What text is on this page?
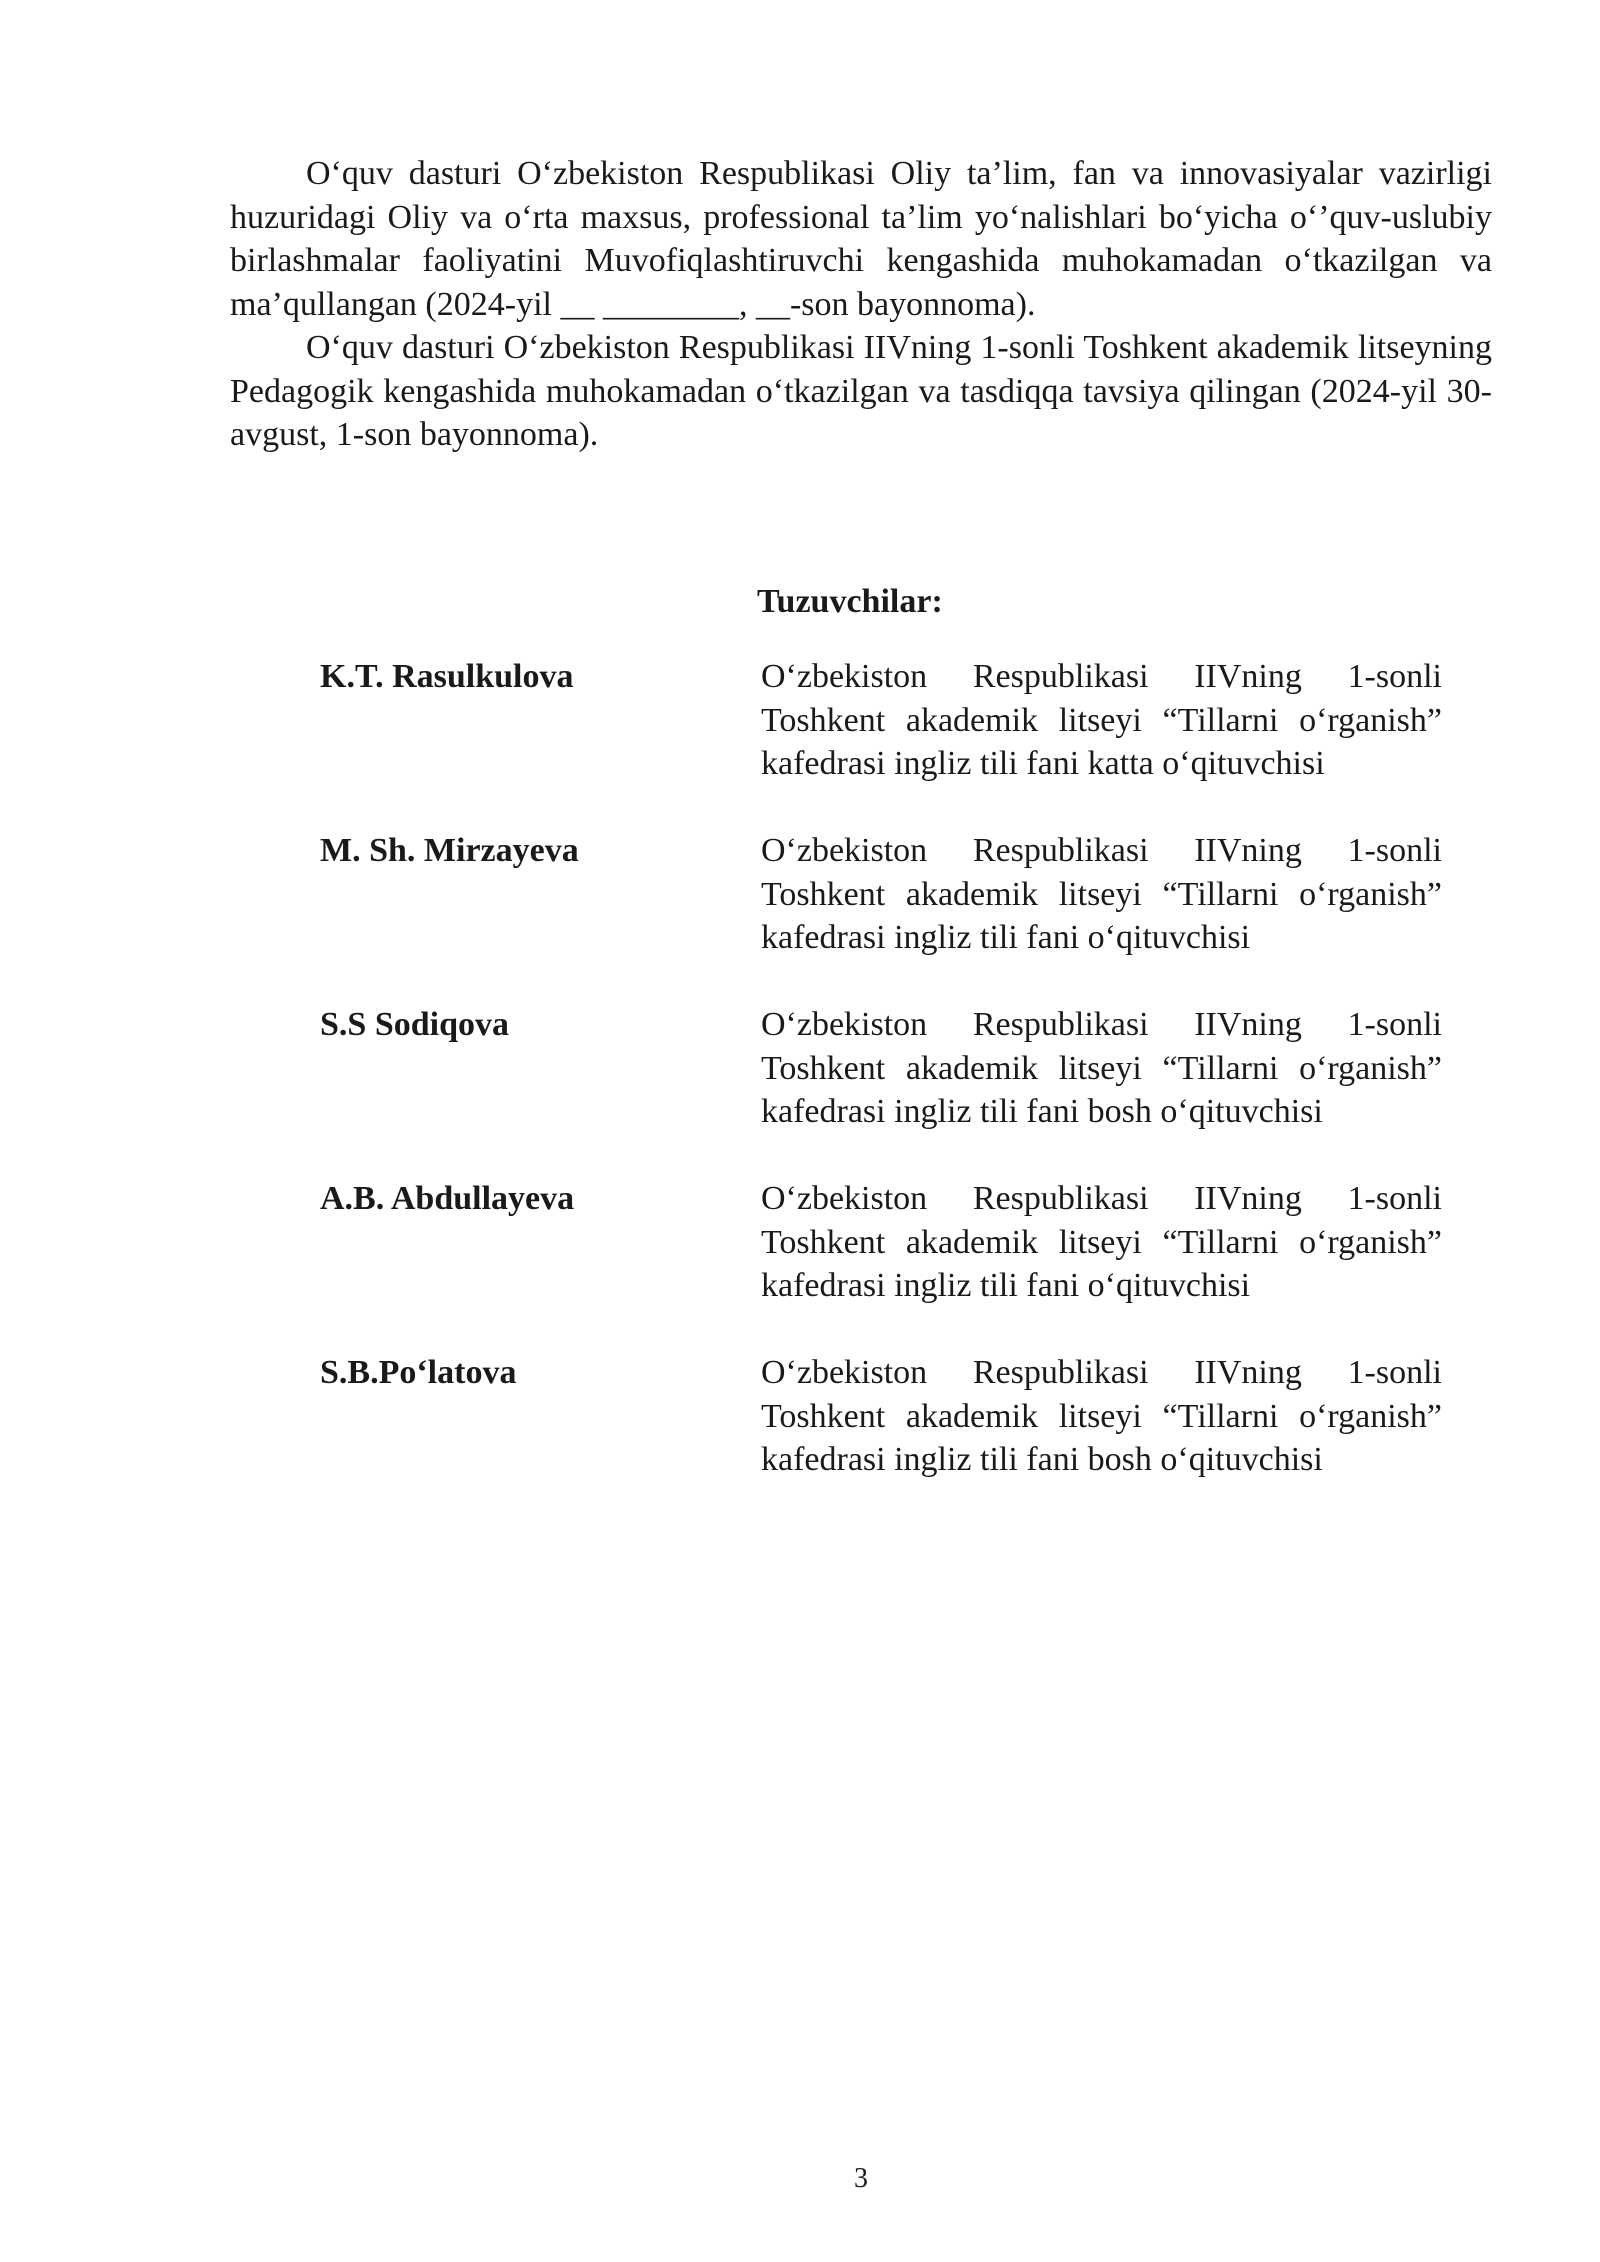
O‘quv dasturi O‘zbekiston Respublikasi Oliy ta’lim, fan va innovasiyalar vazirligi huzuridagi Oliy va o‘rta maxsus, professional ta’lim yo‘nalishlari bo‘yicha o‘’quv-uslubiy birlashmalar faoliyatini Muvofiqlashtiruvchi kengashida muhokamadan o‘tkazilgan va ma’qullangan (2024-yil __ ________, __-son bayonnoma).

O‘quv dasturi O‘zbekiston Respublikasi IIVning 1-sonli Toshkent akademik litseyning Pedagogik kengashida muhokamadan o‘tkazilgan va tasdiqqa tavsiya qilingan (2024-yil 30-avgust, 1-son bayonnoma).

Tuzuvchilar:
K.T. Rasulkulova	O‘zbekiston Respublikasi IIVning 1-sonli Toshkent akademik litseyi “Tillarni o‘rganish” kafedrasi ingliz tili fani katta o‘qituvchisi
M. Sh. Mirzayeva	O‘zbekiston Respublikasi IIVning 1-sonli Toshkent akademik litseyi “Tillarni o‘rganish” kafedrasi ingliz tili fani o‘qituvchisi
S.S Sodiqova	O‘zbekiston Respublikasi IIVning 1-sonli Toshkent akademik litseyi “Tillarni o‘rganish” kafedrasi ingliz tili fani bosh o‘qituvchisi
A.B. Abdullayeva	O‘zbekiston Respublikasi IIVning 1-sonli Toshkent akademik litseyi “Tillarni o‘rganish” kafedrasi ingliz tili fani o‘qituvchisi
S.B.Po‘latova	O‘zbekiston Respublikasi IIVning 1-sonli Toshkent akademik litseyi “Tillarni o‘rganish” kafedrasi ingliz tili fani bosh o‘qituvchisi
3
